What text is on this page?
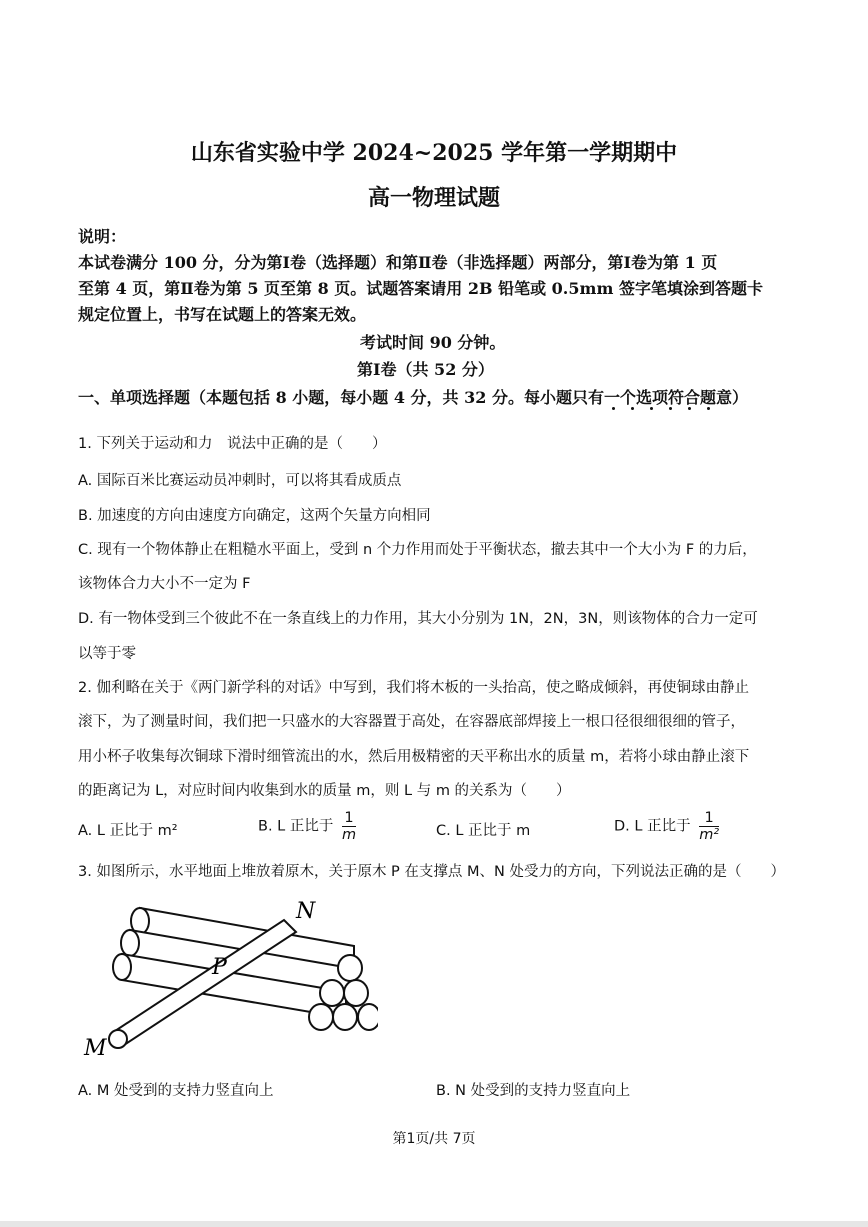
山东省实验中学 2024~2025 学年第一学期期中
高一物理试题
说明：
本试卷满分 100 分，分为第Ⅰ卷（选择题）和第Ⅱ卷（非选择题）两部分，第Ⅰ卷为第 1 页
至第 4 页，第Ⅱ卷为第 5 页至第 8 页。试题答案请用 2B 铅笔或 0.5mm 签字笔填涂到答题卡
规定位置上，书写在试题上的答案无效。
考试时间 90 分钟。
第Ⅰ卷（共 52 分）
一、单项选择题（本题包括 8 小题，每小题 4 分，共 32 分。每小题只有一个选项符合题意）
1. 下列关于运动和力　说法中正确的是（　　）
A. 国际百米比赛运动员冲刺时，可以将其看成质点
B. 加速度的方向由速度方向确定，这两个矢量方向相同
C. 现有一个物体静止在粗糙水平面上，受到 n 个力作用而处于平衡状态，撤去其中一个大小为 F 的力后，
该物体合力大小不一定为 F
D. 有一物体受到三个彼此不在一条直线上的力作用，其大小分别为 1N，2N，3N，则该物体的合力一定可
以等于零
2. 伽利略在关于《两门新学科的对话》中写到，我们将木板的一头抬高，使之略成倾斜，再使铜球由静止
滚下，为了测量时间，我们把一只盛水的大容器置于高处，在容器底部焊接上一根口径很细很细的管子，
用小杯子收集每次铜球下滑时细管流出的水，然后用极精密的天平称出水的质量 m，若将小球由静止滚下
的距离记为 L，对应时间内收集到水的质量 m，则 L 与 m 的关系为（　　）
A. L 正比于 m²	B. L 正比于 $\frac{1}{m}$	C. L 正比于 m	D. L 正比于 $\frac{1}{\text{m²}}$
3. 如图所示，水平地面上堆放着原木，关于原木 P 在支撑点 M、N 处受力的方向，下列说法正确的是（　　）
N
P
M
A. M 处受到的支持力竖直向上	B. N 处受到的支持力竖直向上
第1页/共 7页
